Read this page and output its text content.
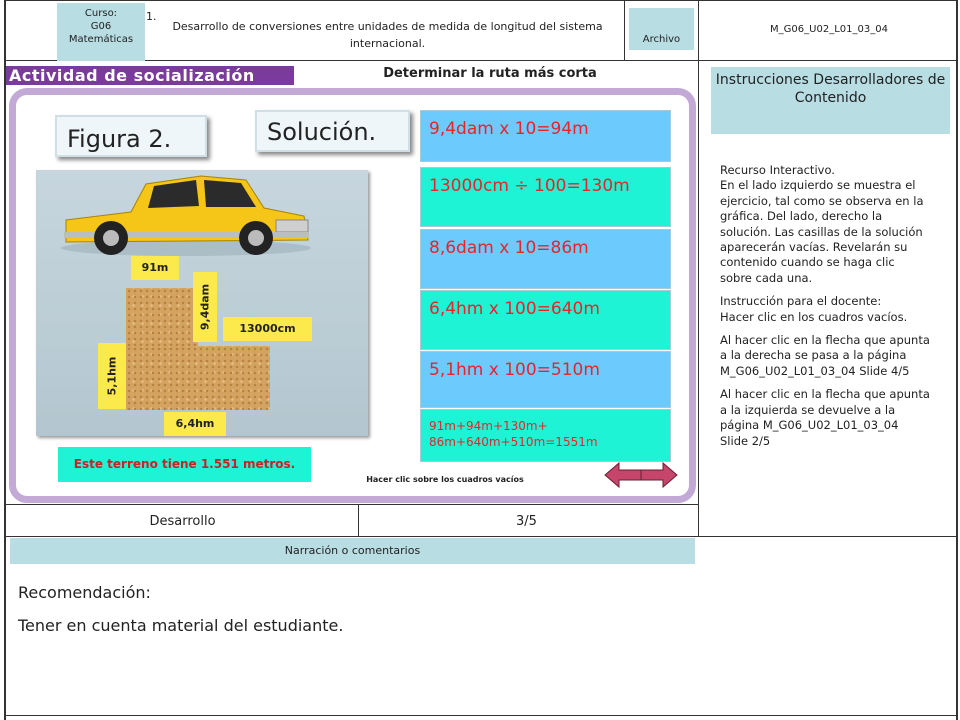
Curso:
G06
Matemáticas
1.
Desarrollo de conversiones entre unidades de medida de longitud del sistema internacional.	Archivo
M_G06_U02_L01_03_04
Actividad de socialización	Determinar la ruta más corta
Figura 2.	Solución.
91m
9,4dam	13000cm
5,1hm
6,4hm
Este terreno tiene 1.551 metros.
9,4dam x 10=94m
13000cm ÷ 100=130m
8,6dam x 10=86m
6,4hm x 100=640m
5,1hm x 100=510m
91m+94m+130m+
86m+640m+510m=1551m
Hacer clic sobre los cuadros vacíos
Instrucciones Desarrolladores de Contenido

Recurso Interactivo.
En el lado izquierdo se muestra el ejercicio, tal como se observa en la gráfica. Del lado, derecho la solución. Las casillas de la solución aparecerán vacías. Revelarán su contenido cuando se haga clic sobre cada una.

Instrucción para el docente:
Hacer clic en los cuadros vacíos.

Al hacer clic en la flecha que apunta a la derecha se pasa a la página M_G06_U02_L01_03_04 Slide 4/5

Al hacer clic en la flecha que apunta a la izquierda se devuelve a la página M_G06_U02_L01_03_04 Slide 2/5

Desarrollo	3/5
Narración o comentarios
Recomendación:
Tener en cuenta material del estudiante.
